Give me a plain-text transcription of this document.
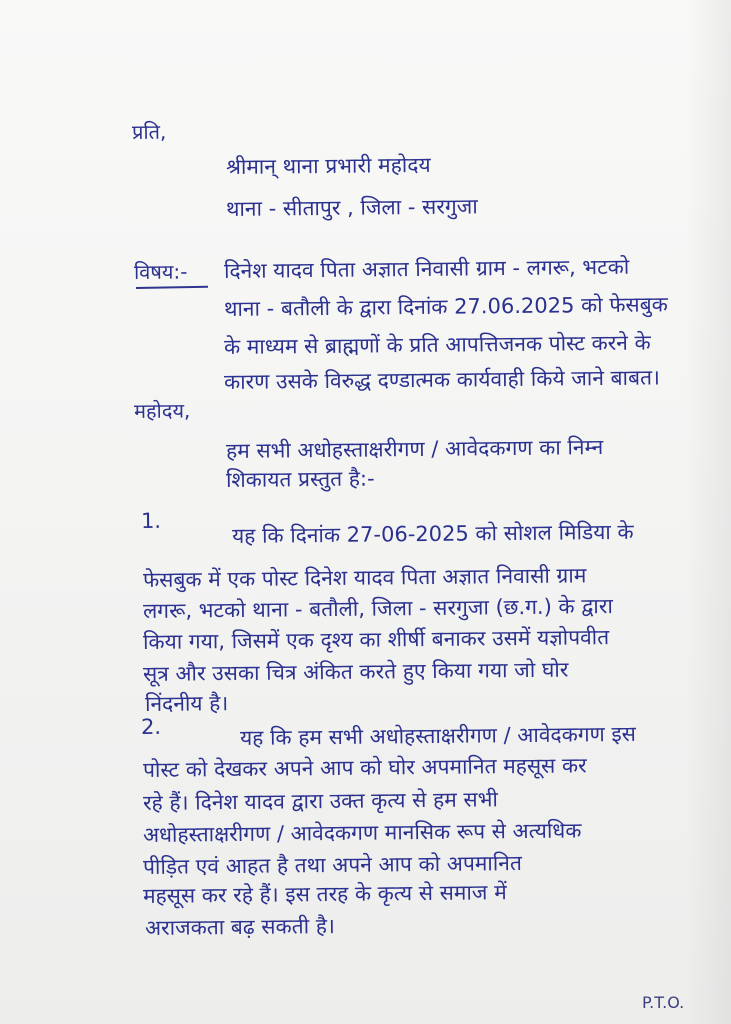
प्रति,
श्रीमान् थाना प्रभारी महोदय
थाना - सीतापुर , जिला - सरगुजा
विषय:- दिनेश यादव पिता अज्ञात निवासी ग्राम - लगरू, भटको
थाना - बतौली के द्वारा दिनांक 27.06.2025 को फेसबुक
के माध्यम से ब्राह्मणों के प्रति आपत्तिजनक पोस्ट करने के
कारण उसके विरुद्ध दण्डात्मक कार्यवाही किये जाने बाबत।
महोदय,
हम सभी अधोहस्ताक्षरीगण / आवेदकगण का निम्न
शिकायत प्रस्तुत है:-
1.	यह कि दिनांक 27-06-2025 को सोशल मिडिया के
फेसबुक में एक पोस्ट दिनेश यादव पिता अज्ञात निवासी ग्राम
लगरू, भटको थाना - बतौली, जिला - सरगुजा (छ.ग.) के द्वारा
किया गया, जिसमें एक दृश्य का शीर्षी बनाकर उसमें यज्ञोपवीत
सूत्र और उसका चित्र अंकित करते हुए किया गया जो घोर
निंदनीय है।
2.	यह कि हम सभी अधोहस्ताक्षरीगण / आवेदकगण इस
पोस्ट को देखकर अपने आप को घोर अपमानित महसूस कर
रहे हैं। दिनेश यादव द्वारा उक्त कृत्य से हम सभी
अधोहस्ताक्षरीगण / आवेदकगण मानसिक रूप से अत्यधिक
पीड़ित एवं आहत है तथा अपने आप को अपमानित
महसूस कर रहे हैं। इस तरह के कृत्य से समाज में
अराजकता बढ़ सकती है।
P.T.O.
